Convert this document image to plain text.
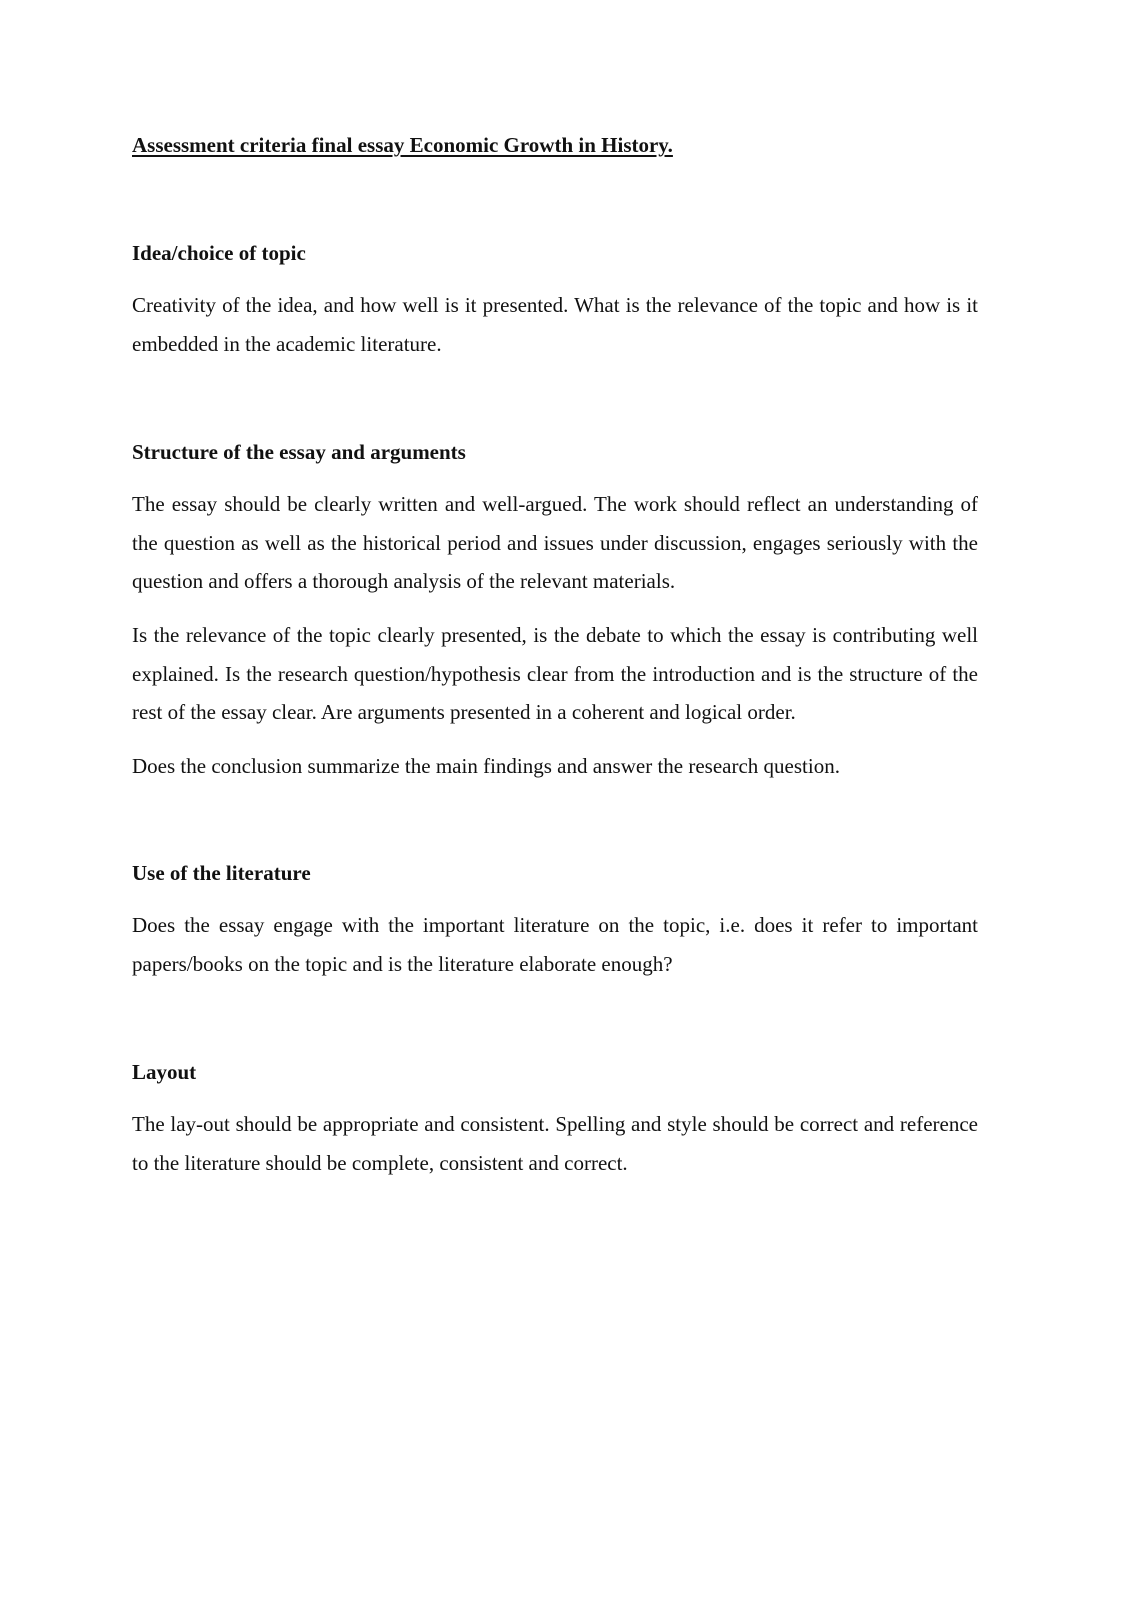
Assessment criteria final essay Economic Growth in History.
Idea/choice of topic
Creativity of the idea, and how well is it presented. What is the relevance of the topic and how is it embedded in the academic literature.
Structure of the essay and arguments
The essay should be clearly written and well-argued. The work should reflect an understanding of the question as well as the historical period and issues under discussion, engages seriously with the question and offers a thorough analysis of the relevant materials.
Is the relevance of the topic clearly presented, is the debate to which the essay is contributing well explained. Is the research question/hypothesis clear from the introduction and is the structure of the rest of the essay clear. Are arguments presented in a coherent and logical order.
Does the conclusion summarize the main findings and answer the research question.
Use of the literature
Does the essay engage with the important literature on the topic, i.e. does it refer to important papers/books on the topic and is the literature elaborate enough?
Layout
The lay-out should be appropriate and consistent. Spelling and style should be correct and reference to the literature should be complete, consistent and correct.
